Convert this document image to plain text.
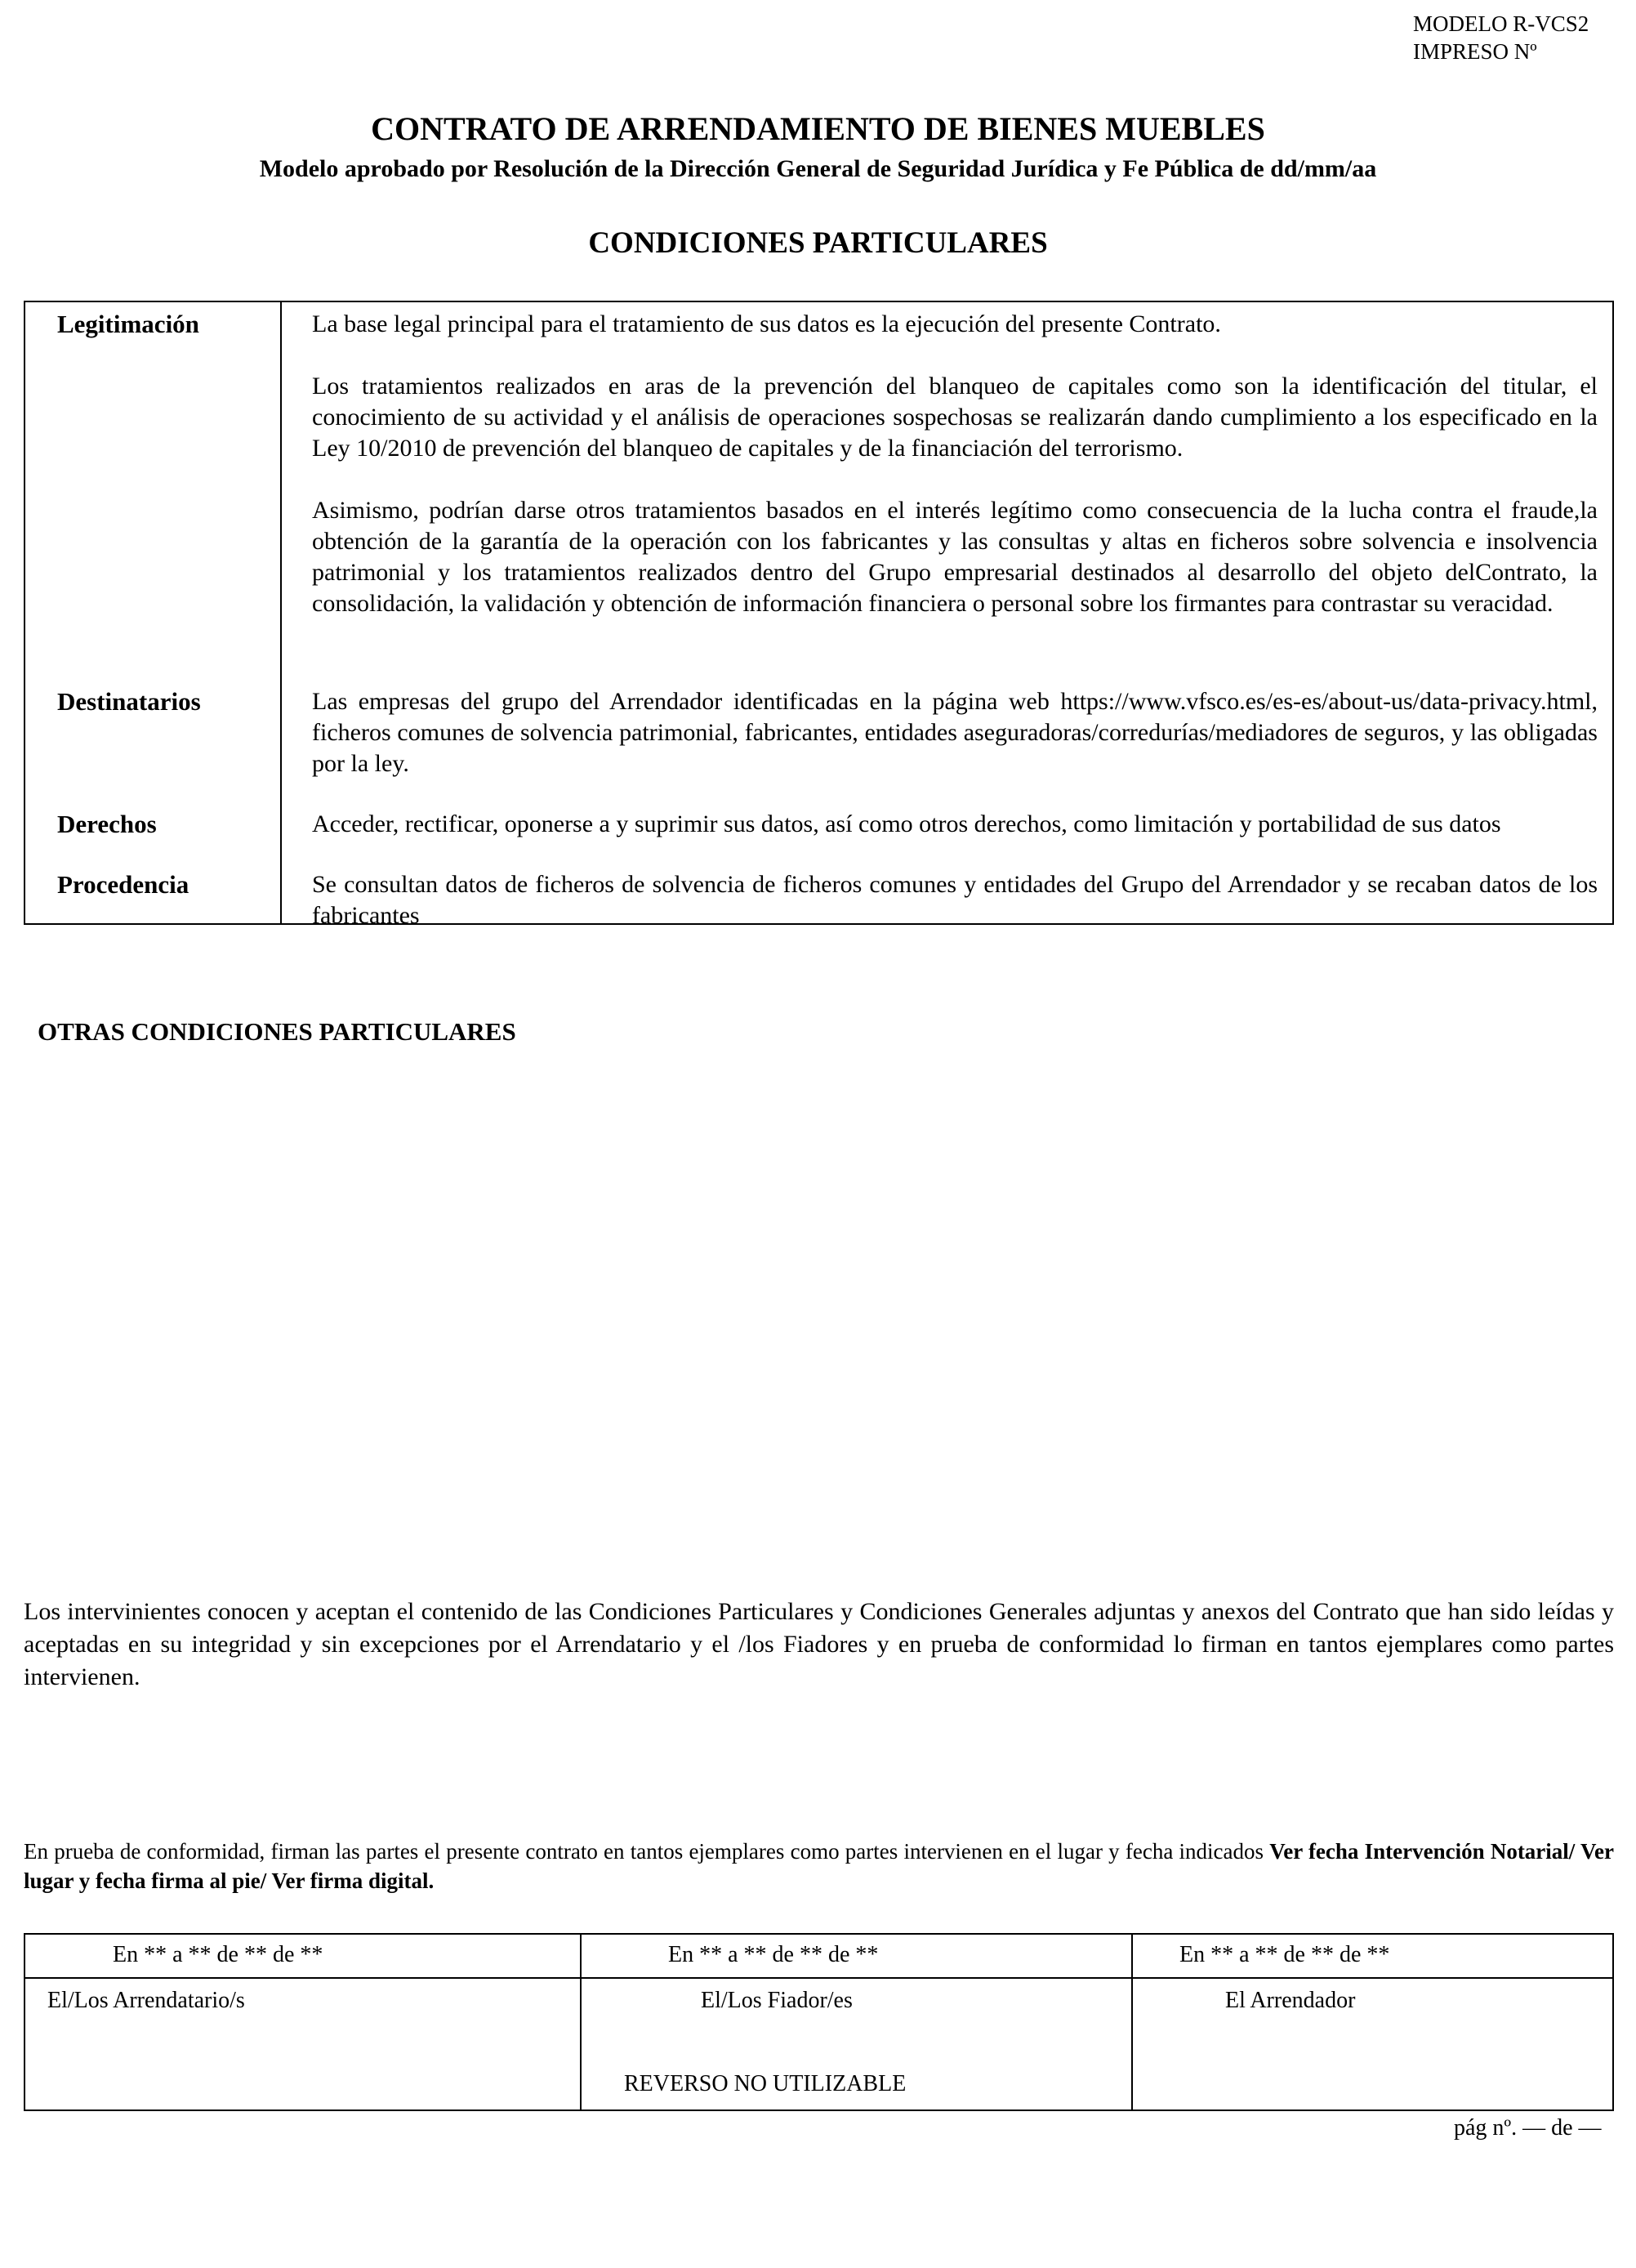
MODELO R-VCS2
IMPRESO Nº
CONTRATO DE ARRENDAMIENTO DE BIENES MUEBLES
Modelo aprobado por Resolución de la Dirección General de Seguridad Jurídica y Fe Pública de dd/mm/aa
CONDICIONES PARTICULARES
Legitimación	La base legal principal para el tratamiento de sus datos es la ejecución del presente Contrato.
Los tratamientos realizados en aras de la prevención del blanqueo de capitales como son la identificación del titular, el conocimiento de su actividad y el análisis de operaciones sospechosas se realizarán dando cumplimiento a los especificado en la Ley 10/2010 de prevención del blanqueo de capitales y de la financiación del terrorismo.
Asimismo, podrían darse otros tratamientos basados en el interés legítimo como consecuencia de la lucha contra el fraude,la obtención de la garantía de la operación con los fabricantes y las consultas y altas en ficheros sobre solvencia e insolvencia patrimonial y los tratamientos realizados dentro del Grupo empresarial destinados al desarrollo del objeto delContrato, la consolidación, la validación y obtención de información financiera o personal sobre los firmantes para contrastar su veracidad.
Destinatarios	Las empresas del grupo del Arrendador identificadas en la página web https://www.vfsco.es/es-es/about-us/data-privacy.html, ficheros comunes de solvencia patrimonial, fabricantes, entidades aseguradoras/corredurías/mediadores de seguros, y las obligadas por la ley.
Derechos	Acceder, rectificar, oponerse a y suprimir sus datos, así como otros derechos, como limitación y portabilidad de sus datos
Procedencia	Se consultan datos de ficheros de solvencia de ficheros comunes y entidades del Grupo del Arrendador y se recaban datos de los fabricantes
OTRAS CONDICIONES PARTICULARES
Los intervinientes conocen y aceptan el contenido de las Condiciones Particulares y Condiciones Generales adjuntas y anexos del Contrato que han sido leídas y aceptadas en su integridad y sin excepciones por el Arrendatario y el /los Fiadores y en prueba de conformidad lo firman en tantos ejemplares como partes intervienen.
En prueba de conformidad, firman las partes el presente contrato en tantos ejemplares como partes intervienen en el lugar y fecha indicados Ver fecha Intervención Notarial/ Ver lugar y fecha firma al pie/ Ver firma digital.
En ** a ** de ** de **	En ** a ** de ** de **	En ** a ** de ** de **
El/Los Arrendatario/s	El/Los Fiador/es	El Arrendador
REVERSO NO UTILIZABLE
pág nº. — de —
